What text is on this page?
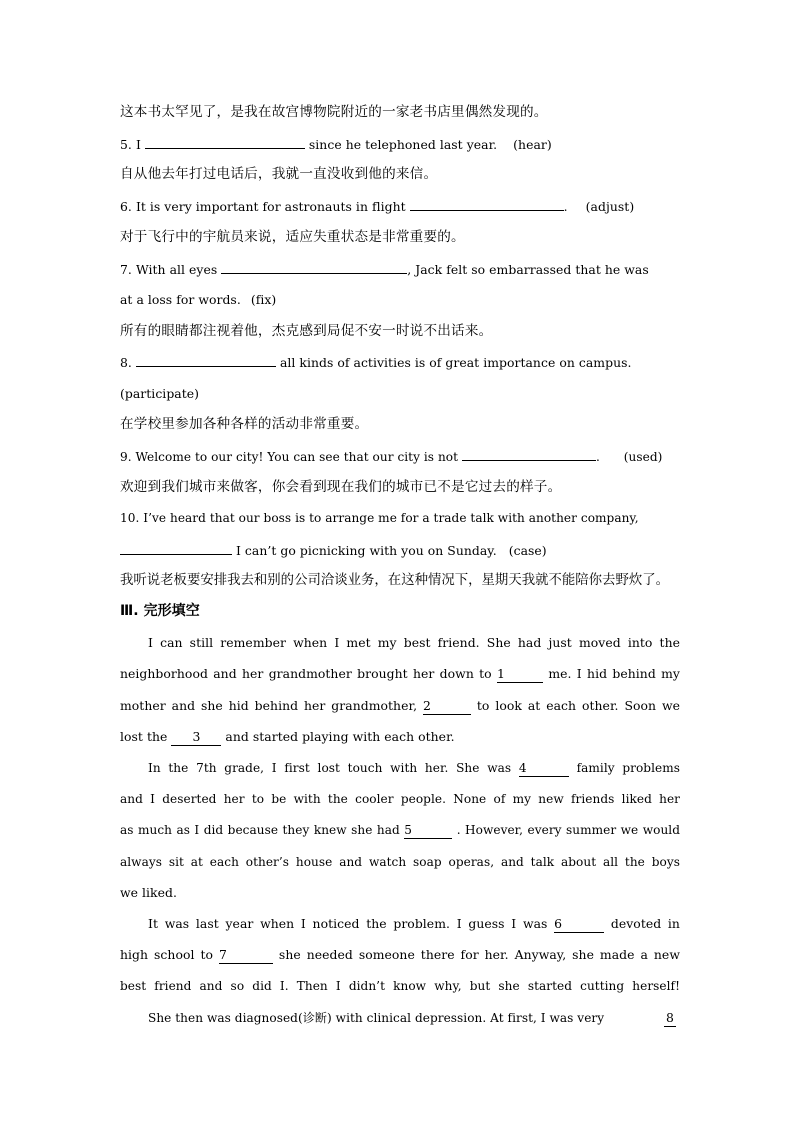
这本书太罕见了，是我在故宫博物院附近的一家老书店里偶然发现的。
5. I	since he telephoned last year. (hear)
自从他去年打过电话后，我就一直没收到他的来信。
6. It is very important for astronauts in flight	. (adjust)
对于飞行中的宇航员来说，适应失重状态是非常重要的。
7. With all eyes	, Jack felt so embarrassed that he was
at a loss for words. (fix)
所有的眼睛都注视着他，杰克感到局促不安一时说不出话来。
8.	all kinds of activities is of great importance on campus.
(participate)
在学校里参加各种各样的活动非常重要。
9. Welcome to our city! You can see that our city is not	. (used)
欢迎到我们城市来做客，你会看到现在我们的城市已不是它过去的样子。
10. I’ve heard that our boss is to arrange me for a trade talk with another company,
I can’t go picnicking with you on Sunday. (case)
我听说老板要安排我去和别的公司洽谈业务，在这种情况下，星期天我就不能陪你去野炊了。
Ⅲ. 完形填空
I can still remember when I met my best friend. She had just moved into the
neighborhood and her grandmother brought her down to 1	me. I hid behind my
mother and she hid behind her grandmother, 2	to look at each other. Soon we
lost the 3 and started playing with each other.
In the 7th grade, I first lost touch with her. She was 4	family problems
and I deserted her to be with the cooler people. None of my new friends liked her
as much as I did because they knew she had 5	. However, every summer we would
always sit at each other’s house and watch soap operas, and talk about all the boys
we liked.
It was last year when I noticed the problem. I guess I was 6	devoted in
high school to 7	she needed someone there for her. Anyway, she made a new
best friend and so did I. Then I didn’t know why, but she started cutting herself!
She then was diagnosed(诊断) with clinical depression. At first, I was very	8
